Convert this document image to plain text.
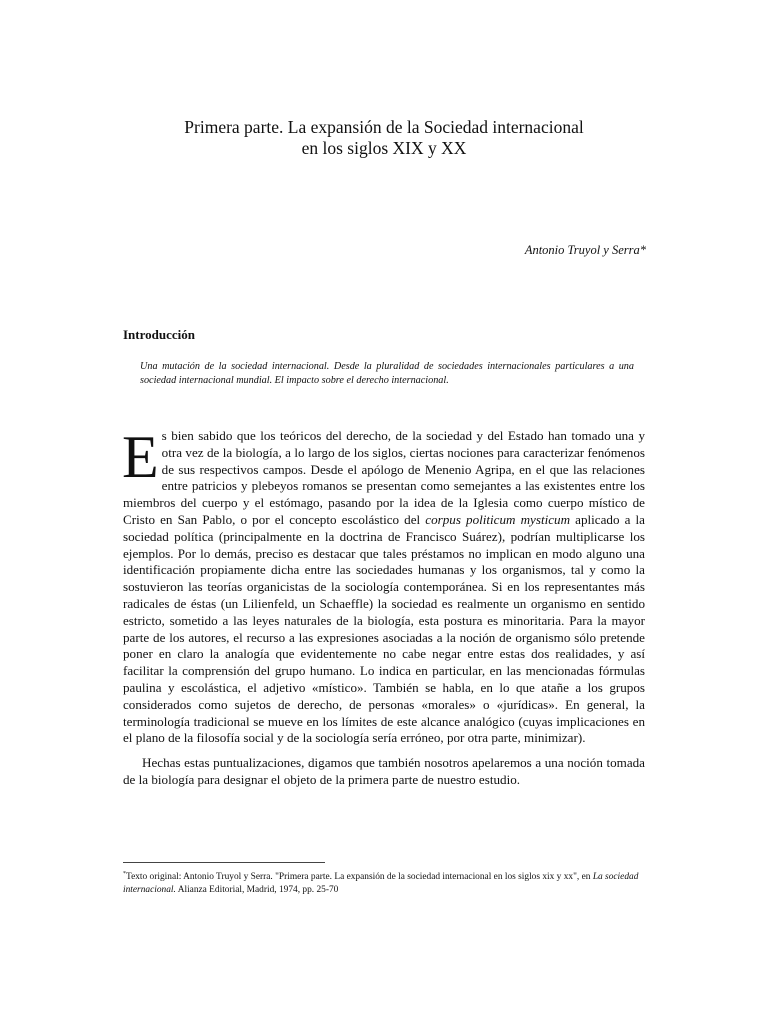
Primera parte. La expansión de la Sociedad internacional
en los siglos XIX y XX

Antonio Truyol y Serra*

Introducción

Una mutación de la sociedad internacional. Desde la pluralidad de sociedades internacionales particulares a una sociedad internacional mundial. El impacto sobre el derecho internacional.

Es bien sabido que los teóricos del derecho, de la sociedad y del Estado han tomado una y otra vez de la biología, a lo largo de los siglos, ciertas nociones para caracterizar fenómenos de sus respectivos campos. Desde el apólogo de Menenio Agripa, en el que las relaciones entre patricios y plebeyos romanos se presentan como semejantes a las existentes entre los miembros del cuerpo y el estómago, pasando por la idea de la Iglesia como cuerpo místico de Cristo en San Pablo, o por el concepto escolástico del corpus politicum mysticum aplicado a la sociedad política (principalmente en la doctrina de Francisco Suárez), podrían multiplicarse los ejemplos. Por lo demás, preciso es destacar que tales préstamos no implican en modo alguno una identificación propiamente dicha entre las sociedades humanas y los organismos, tal y como la sostuvieron las teorías organicistas de la sociología contemporánea. Si en los representantes más radicales de éstas (un Lilienfeld, un Schaeffle) la sociedad es realmente un organismo en sentido estricto, sometido a las leyes naturales de la biología, esta postura es minoritaria. Para la mayor parte de los autores, el recurso a las expresiones asociadas a la noción de organismo sólo pretende poner en claro la analogía que evidentemente no cabe negar entre estas dos realidades, y así facilitar la comprensión del grupo humano. Lo indica en particular, en las mencionadas fórmulas paulina y escolástica, el adjetivo «místico». También se habla, en lo que atañe a los grupos considerados como sujetos de derecho, de personas «morales» o «jurídicas». En general, la terminología tradicional se mueve en los límites de este alcance analógico (cuyas implicaciones en el plano de la filosofía social y de la sociología sería erróneo, por otra parte, minimizar).

Hechas estas puntualizaciones, digamos que también nosotros apelaremos a una noción tomada de la biología para designar el objeto de la primera parte de nuestro estudio.

*Texto original: Antonio Truyol y Serra. "Primera parte. La expansión de la sociedad internacional en los siglos xix y xx", en La sociedad internacional. Alianza Editorial, Madrid, 1974, pp. 25-70
